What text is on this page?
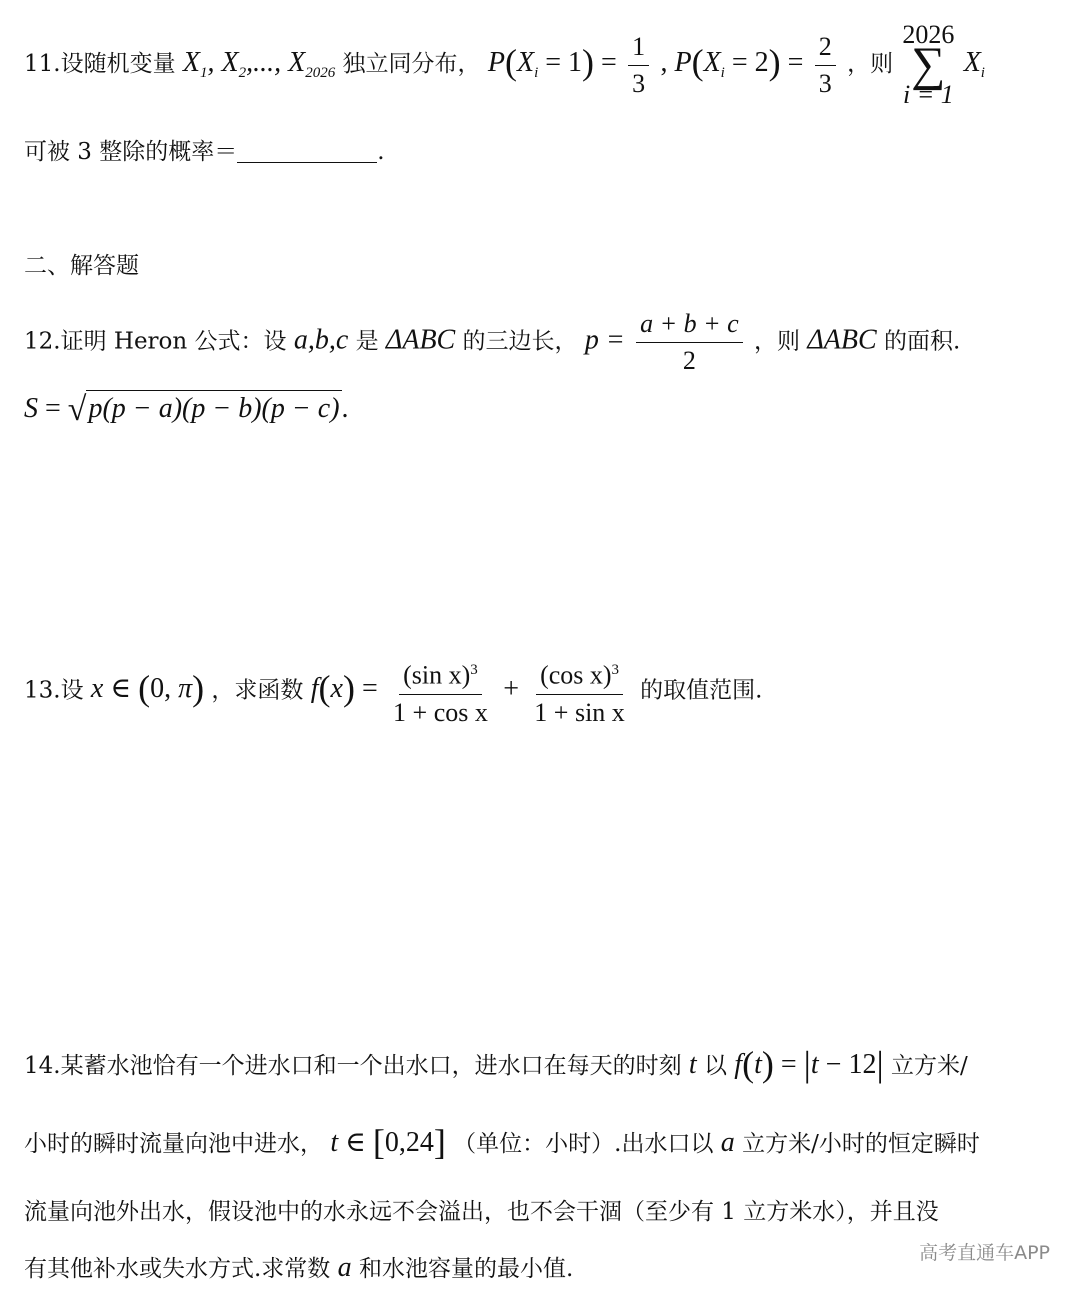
11.设随机变量 $X_1$, $X_2$,..., $X_{2026}$ 独立同分布， $P(X_i = 1) = \frac{1}{3}$ , $P(X_i = 2) = \frac{2}{3}$ ，则
2026
∑
i = 1
$X_i$
可被 3 整除的概率＝	.
二、解答题
12.证明 Heron 公式：设 a,b,c 是 ΔABC 的三边长， $p = \frac{a + b + c}{2}$ ，则 ΔABC 的面积.
S = √p(p − a)(p − b)(p − c).
13.设 x ∈ (0, π) ，求函数 $f(x) = \frac{(\sin x)^3}{\text{1 + cos x}} + \frac{(\cos x)^3}{\text{1 + sin x}}$ 的取值范围.
14.某蓄水池恰有一个进水口和一个出水口，进水口在每天的时刻 t 以 f(t) = |t − 12| 立方米/
小时的瞬时流量向池中进水， t ∈ [0,24] （单位：小时）.出水口以 a 立方米/小时的恒定瞬时
流量向池外出水，假设池中的水永远不会溢出，也不会干涸（至少有 1 立方米水），并且没
有其他补水或失水方式.求常数 a 和水池容量的最小值.
高考直通车APP
